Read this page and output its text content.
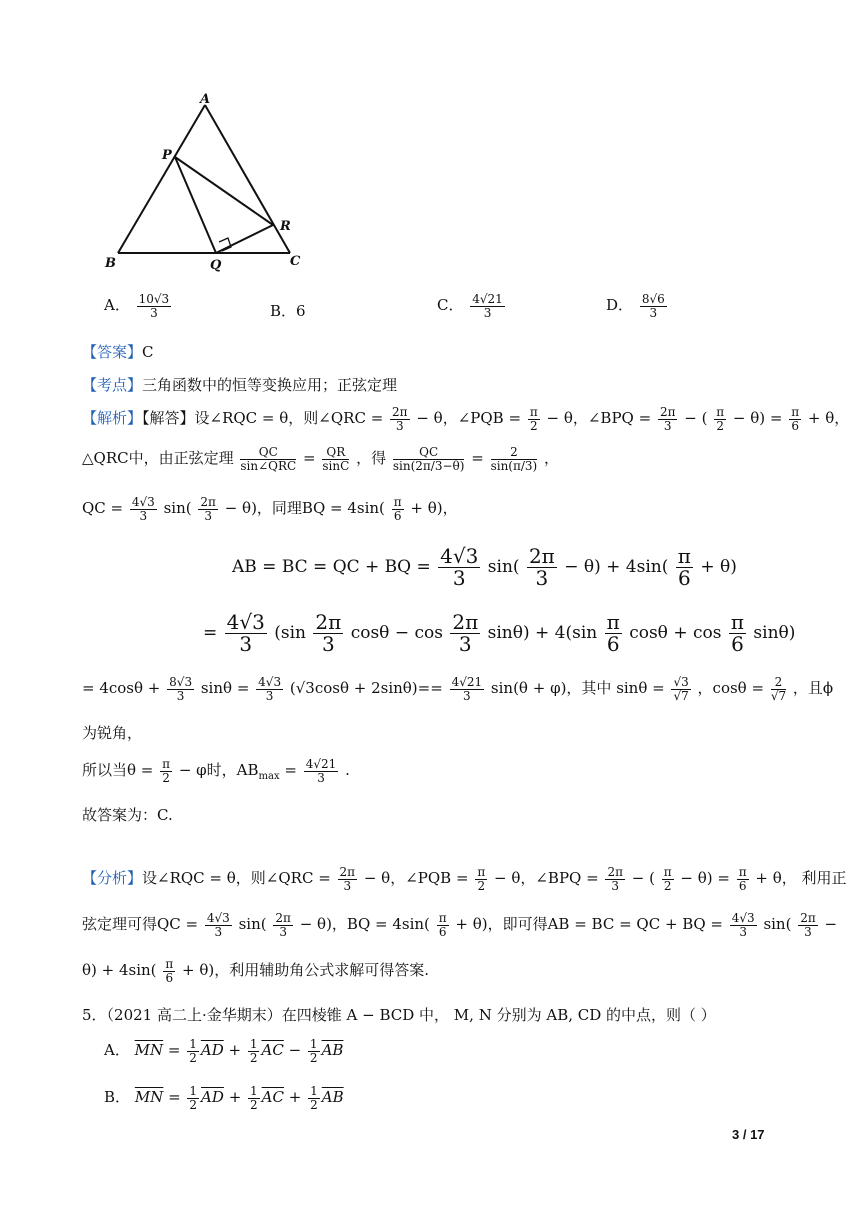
A
P
R
B	Q	C
A． $\frac{10√3}{3}$	B．6	C． $\frac{4√21}{3}$	D． $\frac{8√6}{3}$
【答案】C
【考点】三角函数中的恒等变换应用；正弦定理
【解析】【解答】设∠RQC = θ，则∠QRC = $\frac{2\pi}{3} - \theta$，∠PQB = $\frac{\pi}{2} - \theta$，∠BPQ = $\frac{2\pi}{3}$ − ( $\frac{\pi}{2} - \theta) = \frac{\pi}{6} + \theta$，
△QRC中，由正弦定理 $\frac{QC}{\text{sin∠QRC}} = \frac{QR}{\sin C}$ ，得 $\frac{QC}{\sin(2\pi/3-\theta)} = \frac{2}{\sin(\pi/3)}$ ，
QC = $\frac{4√3}{3} \sin( \frac{2\pi}{3} - \theta)$，同理BQ = $4\sin( \frac{\pi}{6} + \theta)$，
AB = BC = QC + BQ = $\frac{4√3}{3} \sin( \frac{2\pi}{3} - \theta) + 4\sin( \frac{\pi}{6} + \theta)$
= $\frac{4√3}{3} (\sin \frac{2\pi}{3}$ $\cos\theta - \cos \frac{2\pi}{3} \sin\theta) + 4(\sin \frac{\pi}{6}$ $\cos\theta + \cos \frac{\pi}{6} \sin\theta$)
= $4\cos\theta + \frac{8√3}{3}$ $\sin\theta = \frac{4√3}{3} (√3\cos\theta + 2\sin\theta)== \frac{4√21}{3} \sin(\theta + \varphi)$，其中 $\sin\theta = \frac{√3}{√7}$ ，$\cos\theta = \frac{2}{√7}$ ，且ϕ
为锐角，
所以当$\theta = \frac{\pi}{2} - \varphi$时，$AB_{max} = \frac{4√21}{3}$ .
故答案为：C.
【分析】设∠RQC = θ，则∠QRC = $\frac{2\pi}{3} - \theta$，∠PQB = $\frac{\pi}{2} - \theta$，∠BPQ = $\frac{2\pi}{3}$ − ( $\frac{\pi}{2} - \theta) = \frac{\pi}{6} + \theta$， 利用正
弦定理可得QC = $\frac{4√3}{3} \sin( \frac{2\pi}{3} - \theta)$，BQ = $4\sin( \frac{\pi}{6} + \theta)$，即可得AB = BC = QC + BQ = $\frac{4√3}{3} \sin( \frac{2\pi}{3}$ −
$\theta) + 4\sin( \frac{\pi}{6} + \theta)$，利用辅助角公式求解可得答案.
5．（2021 高二上·金华期末）在四棱锥 A − BCD 中， M, N 分别为 AB, CD 的中点，则（ ）
A． $\overline{MN} = \frac{1}{2} \overline{AD} + \frac{1}{2} \overline{AC} - \frac{1}{2} \overline{AB}$
B． $\overline{MN} = \frac{1}{2} \overline{AD} + \frac{1}{2} \overline{AC} + \frac{1}{2} \overline{AB}$
3 / 17
